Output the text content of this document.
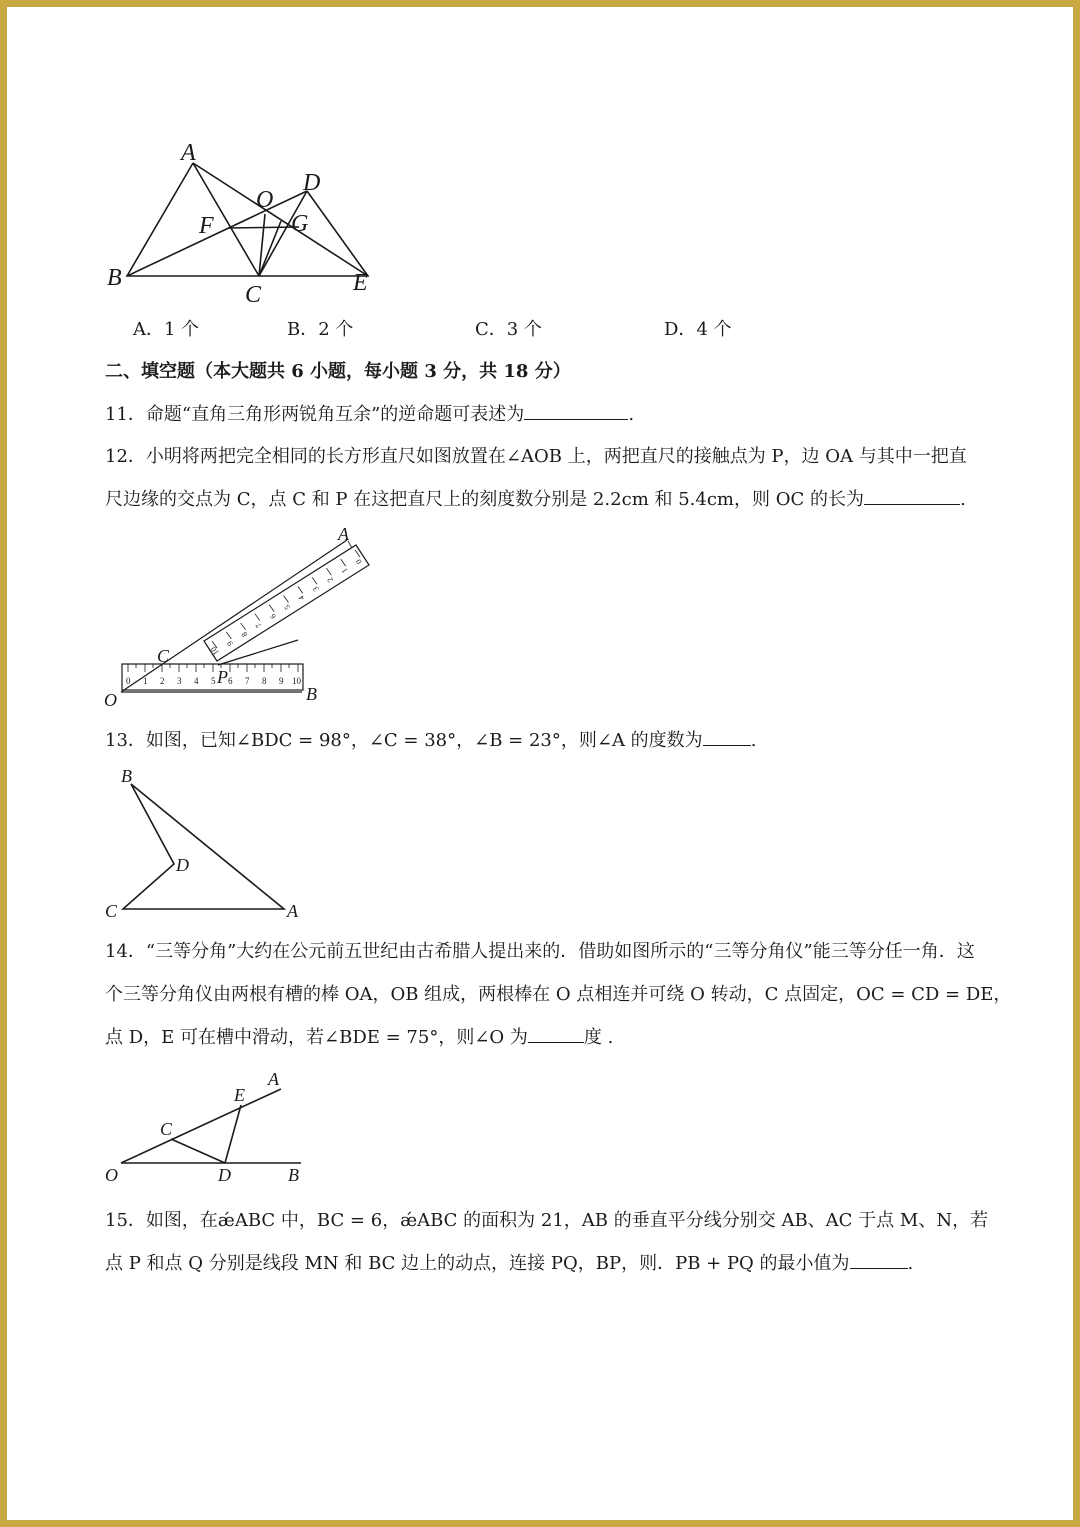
A
B
C
D
E
O
F	G
A．1 个	B．2 个	C．3 个	D．4 个
二、填空题（本大题共 6 小题，每小题 3 分，共 18 分）
11．命题“直角三角形两锐角互余”的逆命题可表述为	.
12．小明将两把完全相同的长方形直尺如图放置在∠AOB 上，两把直尺的接触点为 P，边 OA 与其中一把直
尺边缘的交点为 C，点 C 和 P 在这把直尺上的刻度数分别是 2.2cm 和 5.4cm，则 OC 的长为	.
0 1 2 3 4 5 6 7 8 9 10
0
1
2
3
4
5
6
7
8
9
10
A
C
P
O	B
13．如图，已知∠BDC = 98°，∠C = 38°，∠B = 23°，则∠A 的度数为	.
B
D
C	A
14．“三等分角”大约在公元前五世纪由古希腊人提出来的．借助如图所示的“三等分角仪”能三等分任一角．这
个三等分角仪由两根有槽的棒 OA，OB 组成，两根棒在 O 点相连并可绕 O 转动，C 点固定，OC = CD = DE，
点 D，E 可在槽中滑动，若∠BDE = 75°，则∠O 为	度 .
A
E
C
O	D	B
15．如图，在ǽABC 中，BC = 6，ǽABC 的面积为 21，AB 的垂直平分线分别交 AB、AC 于点 M、N，若
点 P 和点 Q 分别是线段 MN 和 BC 边上的动点，连接 PQ，BP，则．PB + PQ 的最小值为	.
